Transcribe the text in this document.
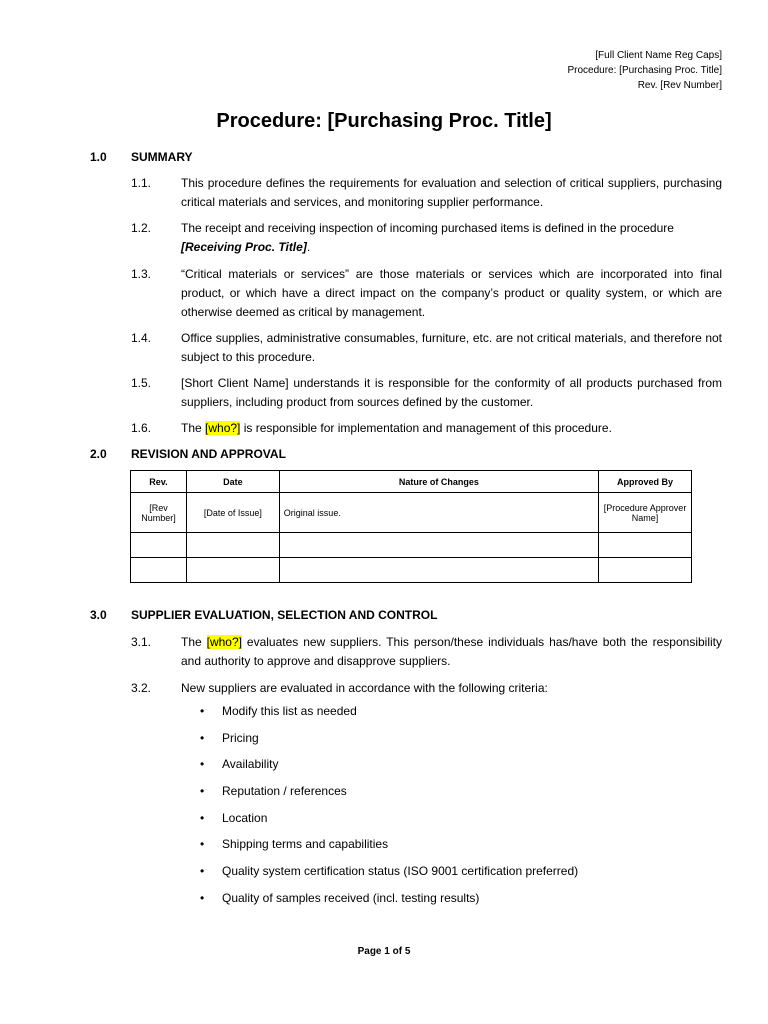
[Full Client Name Reg Caps]
Procedure: [Purchasing Proc. Title]
Rev. [Rev Number]
Procedure: [Purchasing Proc. Title]
1.0 SUMMARY
1.1. This procedure defines the requirements for evaluation and selection of critical suppliers, purchasing critical materials and services, and monitoring supplier performance.
1.2. The receipt and receiving inspection of incoming purchased items is defined in the procedure
[Receiving Proc. Title].
1.3. “Critical materials or services” are those materials or services which are incorporated into final product, or which have a direct impact on the company’s product or quality system, or which are otherwise deemed as critical by management.
1.4. Office supplies, administrative consumables, furniture, etc. are not critical materials, and therefore not subject to this procedure.
1.5. [Short Client Name] understands it is responsible for the conformity of all products purchased from suppliers, including product from sources defined by the customer.
1.6. The [who?] is responsible for implementation and management of this procedure.
2.0 REVISION AND APPROVAL
Rev.	Date	Nature of Changes	Approved By
[Rev Number]	[Date of Issue]	Original issue.	[Procedure Approver Name]

3.0 SUPPLIER EVALUATION, SELECTION AND CONTROL
3.1. The [who?] evaluates new suppliers. This person/these individuals has/have both the responsibility and authority to approve and disapprove suppliers.
3.2. New suppliers are evaluated in accordance with the following criteria:
• Modify this list as needed
• Pricing
• Availability
• Reputation / references
• Location
• Shipping terms and capabilities
• Quality system certification status (ISO 9001 certification preferred)
• Quality of samples received (incl. testing results)
Page 1 of 5
